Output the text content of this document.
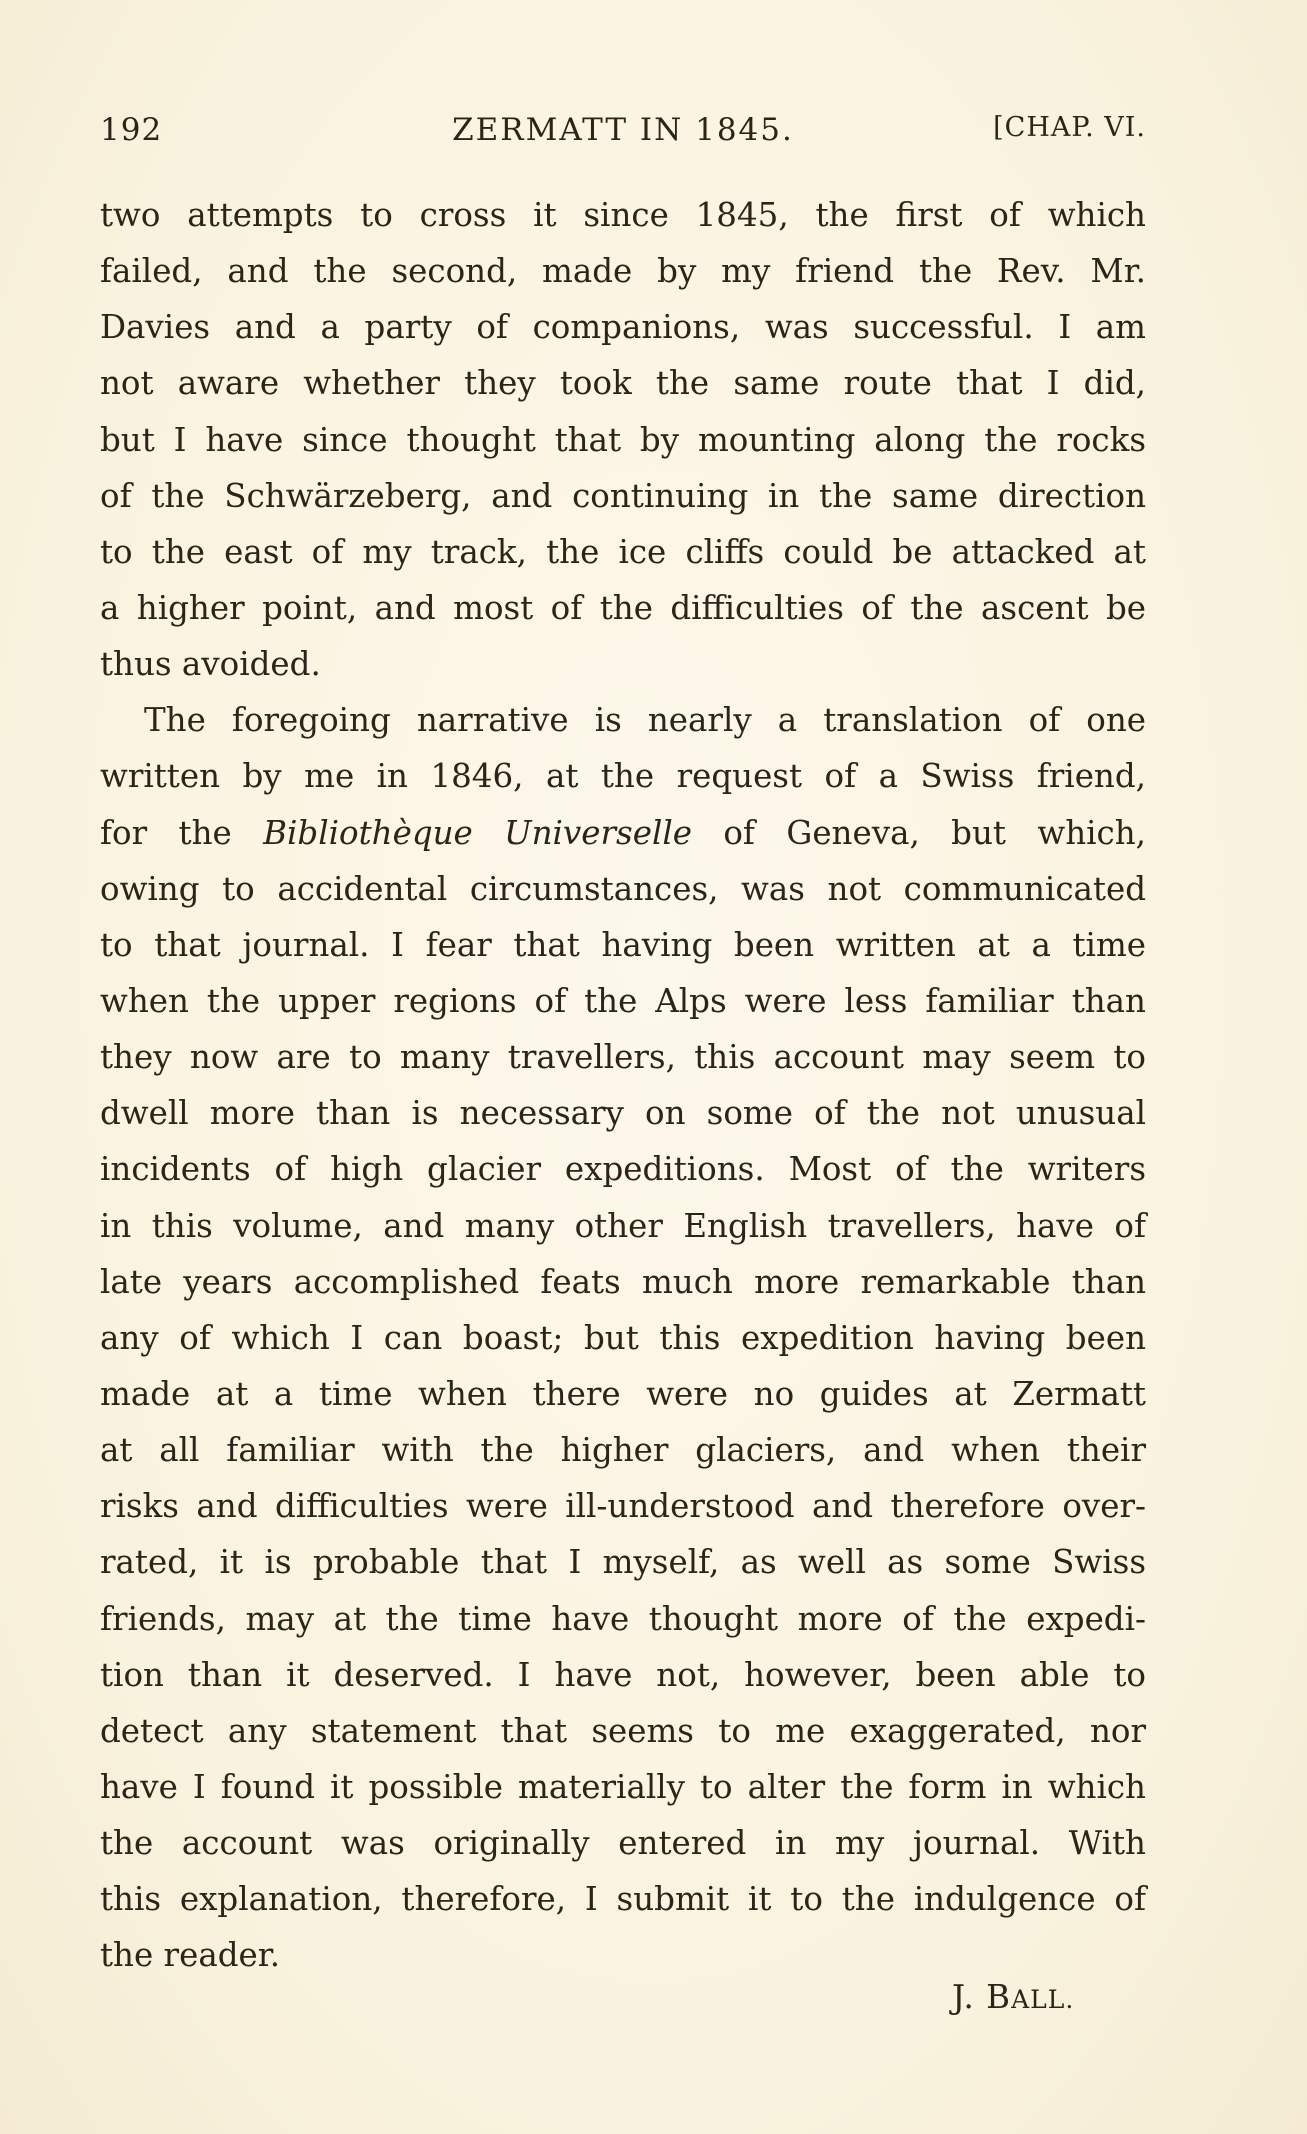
192	ZERMATT IN 1845.	[CHAP. VI.
two attempts to cross it since 1845, the first of which
failed, and the second, made by my friend the Rev. Mr.
Davies and a party of companions, was successful. I am
not aware whether they took the same route that I did,
but I have since thought that by mounting along the rocks
of the Schwärzeberg, and continuing in the same direction
to the east of my track, the ice cliffs could be attacked at
a higher point, and most of the difficulties of the ascent be
thus avoided.
The foregoing narrative is nearly a translation of one
written by me in 1846, at the request of a Swiss friend,
for the Bibliothèque Universelle of Geneva, but which,
owing to accidental circumstances, was not communicated
to that journal. I fear that having been written at a time
when the upper regions of the Alps were less familiar than
they now are to many travellers, this account may seem to
dwell more than is necessary on some of the not unusual
incidents of high glacier expeditions. Most of the writers
in this volume, and many other English travellers, have of
late years accomplished feats much more remarkable than
any of which I can boast; but this expedition having been
made at a time when there were no guides at Zermatt
at all familiar with the higher glaciers, and when their
risks and difficulties were ill-understood and therefore over-
rated, it is probable that I myself, as well as some Swiss
friends, may at the time have thought more of the expedi-
tion than it deserved. I have not, however, been able to
detect any statement that seems to me exaggerated, nor
have I found it possible materially to alter the form in which
the account was originally entered in my journal. With
this explanation, therefore, I submit it to the indulgence of
the reader.
J. BALL.
